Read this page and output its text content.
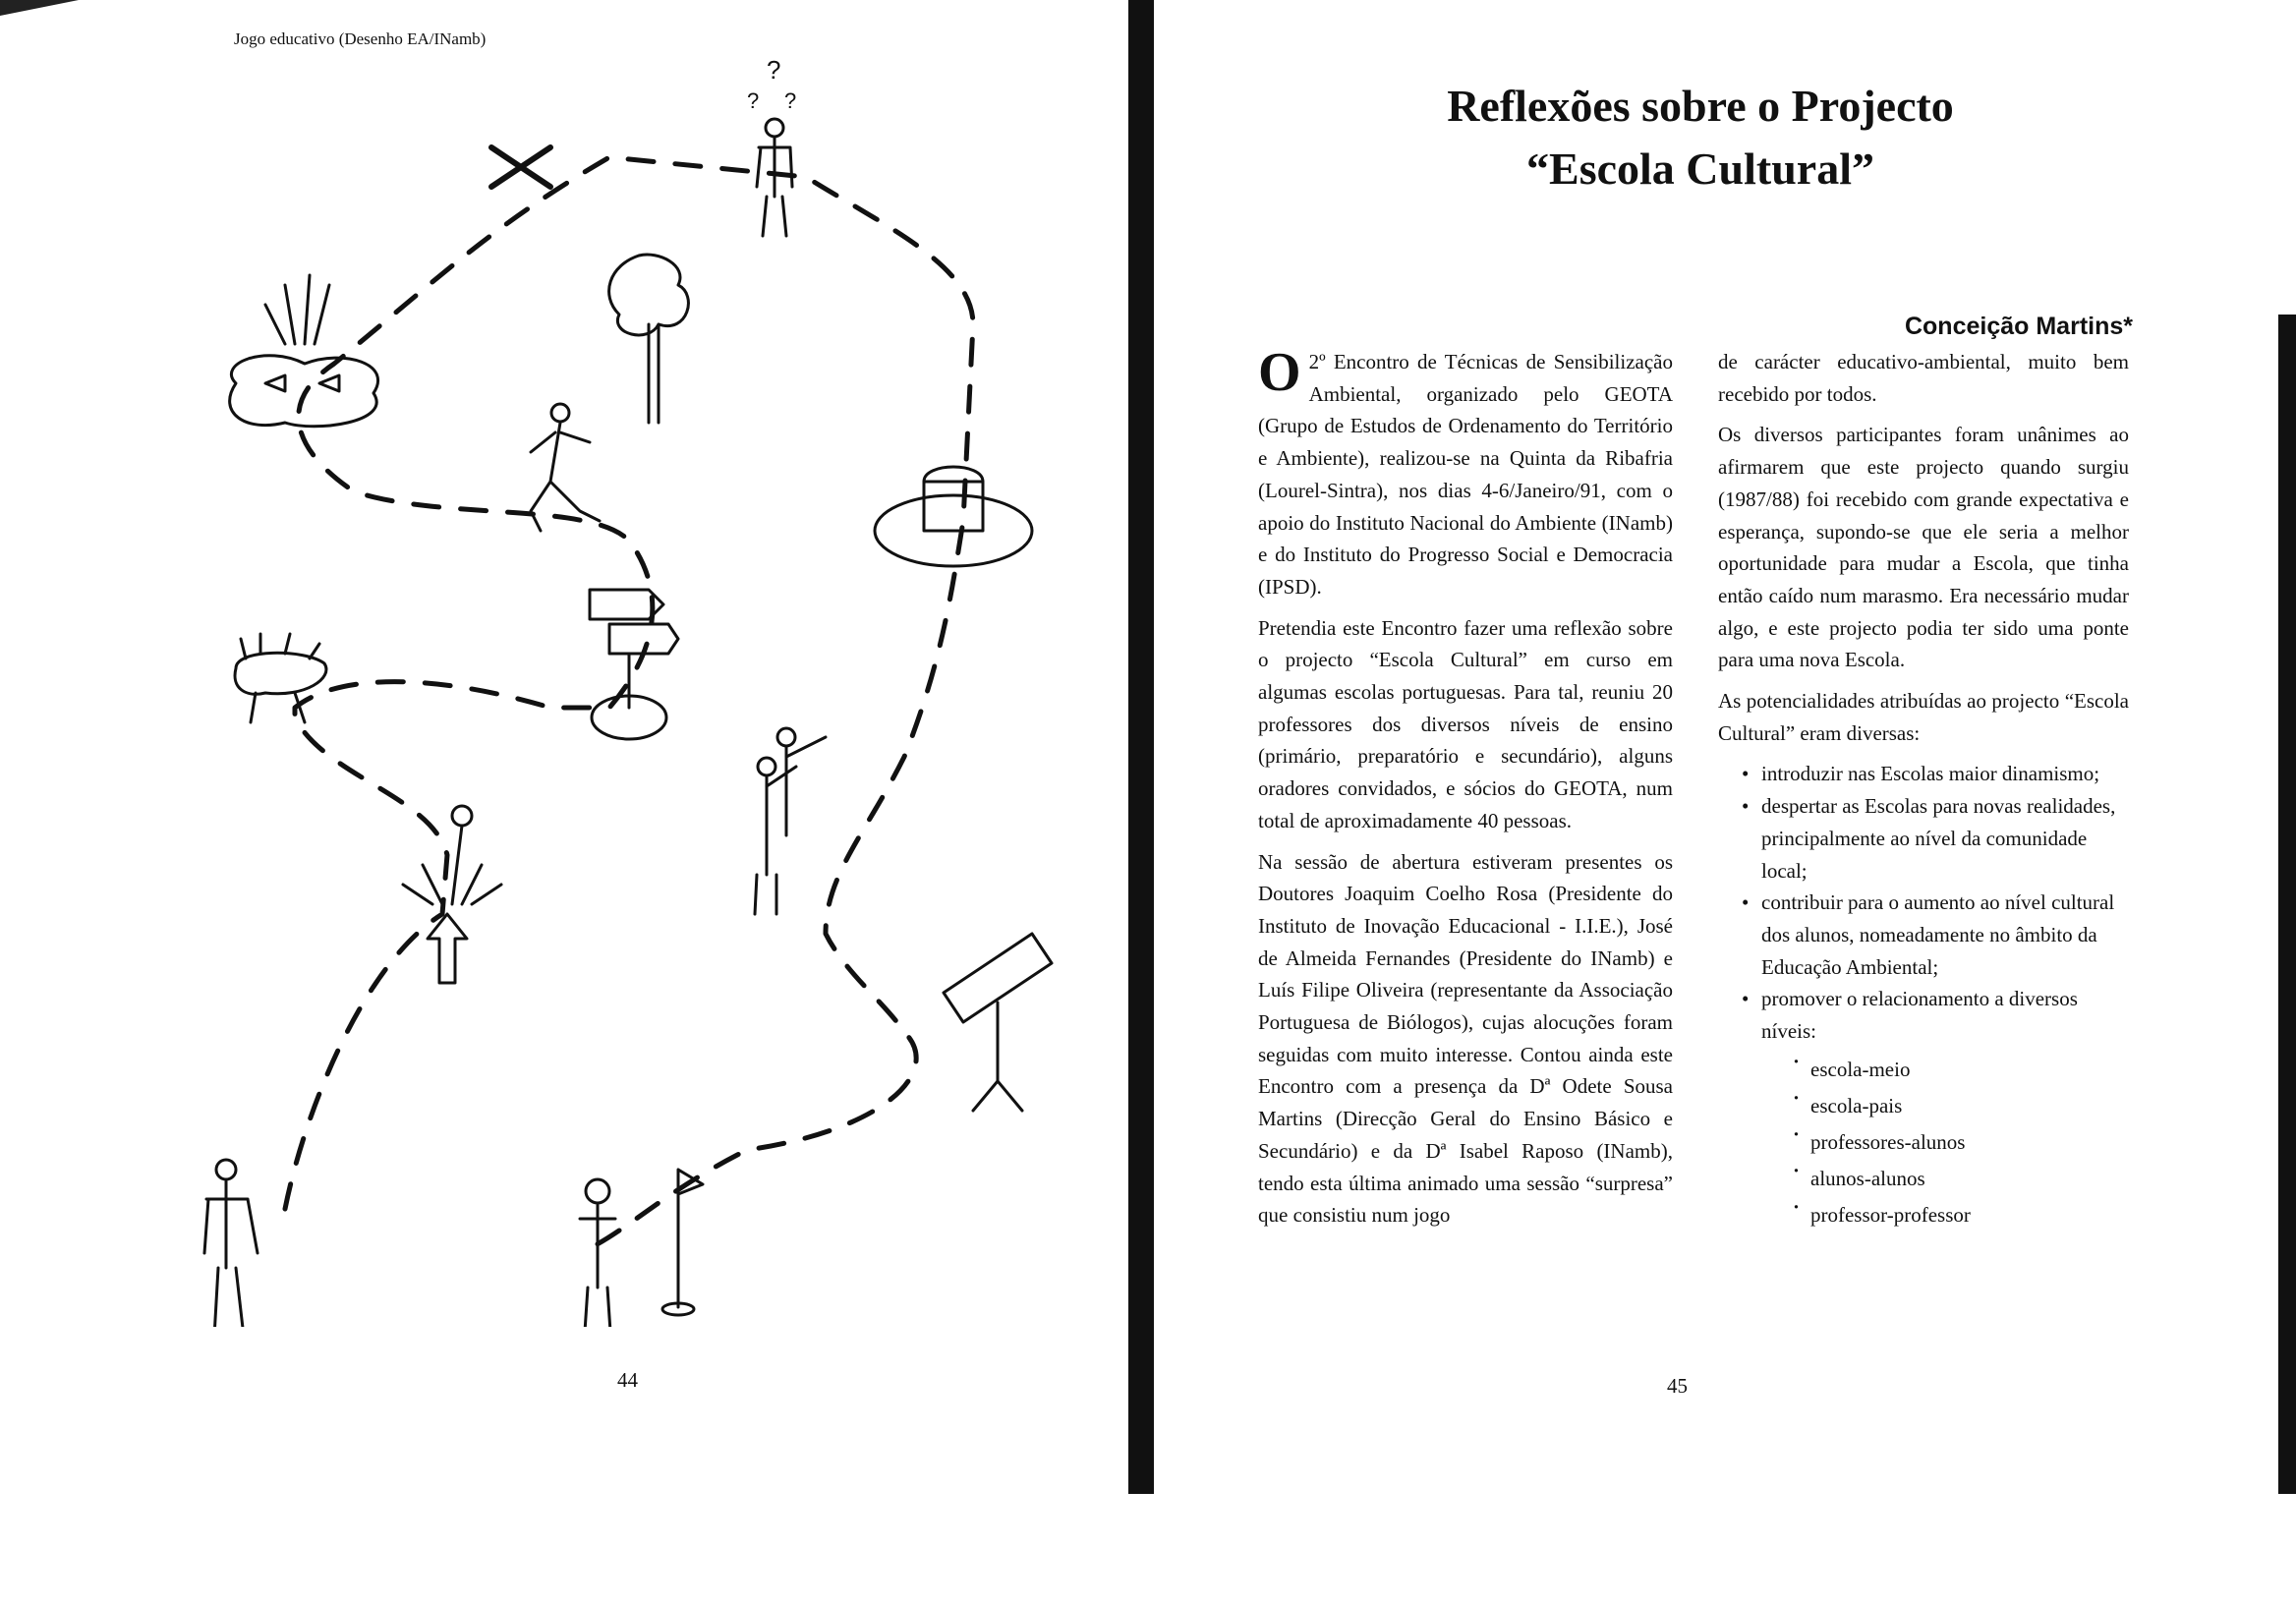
Jogo educativo (Desenho EA/INamb)
?
? ?
44
Reflexões sobre o Projecto
“Escola Cultural”
Conceição Martins*

O 2º Encontro de Técnicas de Sensibilização Ambiental, organizado pelo GEOTA (Grupo de Estudos de Ordenamento do Território e Ambiente), realizou-se na Quinta da Ribafria (Lourel-Sintra), nos dias 4-6/Janeiro/91, com o apoio do Instituto Nacional do Ambiente (INamb) e do Instituto do Progresso Social e Democracia (IPSD).

Pretendia este Encontro fazer uma reflexão sobre o projecto “Escola Cultural” em curso em algumas escolas portuguesas. Para tal, reuniu 20 professores dos diversos níveis de ensino (primário, preparatório e secundário), alguns oradores convidados, e sócios do GEOTA, num total de aproximadamente 40 pessoas.

Na sessão de abertura estiveram presentes os Doutores Joaquim Coelho Rosa (Presidente do Instituto de Inovação Educacional - I.I.E.), José de Almeida Fernandes (Presidente do INamb) e Luís Filipe Oliveira (representante da Associação Portuguesa de Biólogos), cujas alocuções foram seguidas com muito interesse. Contou ainda este Encontro com a presença da Dª Odete Sousa Martins (Direcção Geral do Ensino Básico e Secundário) e da Dª Isabel Raposo (INamb), tendo esta última animado uma sessão “surpresa” que consistiu num jogo

de carácter educativo-ambiental, muito bem recebido por todos.

Os diversos participantes foram unânimes ao afirmarem que este projecto quando surgiu (1987/88) foi recebido com grande expectativa e esperança, supondo-se que ele seria a melhor oportunidade para mudar a Escola, que tinha então caído num marasmo. Era necessário mudar algo, e este projecto podia ter sido uma ponte para uma nova Escola.

As potencialidades atribuídas ao projecto “Escola Cultural” eram diversas:

• introduzir nas Escolas maior dinamismo;
• despertar as Escolas para novas realidades, principalmente ao nível da comunidade local;
• contribuir para o aumento ao nível cultural dos alunos, nomeadamente no âmbito da Educação Ambiental;
• promover o relacionamento a diversos níveis:
· escola-meio
· escola-pais
· professores-alunos
· alunos-alunos
· professor-professor
45
